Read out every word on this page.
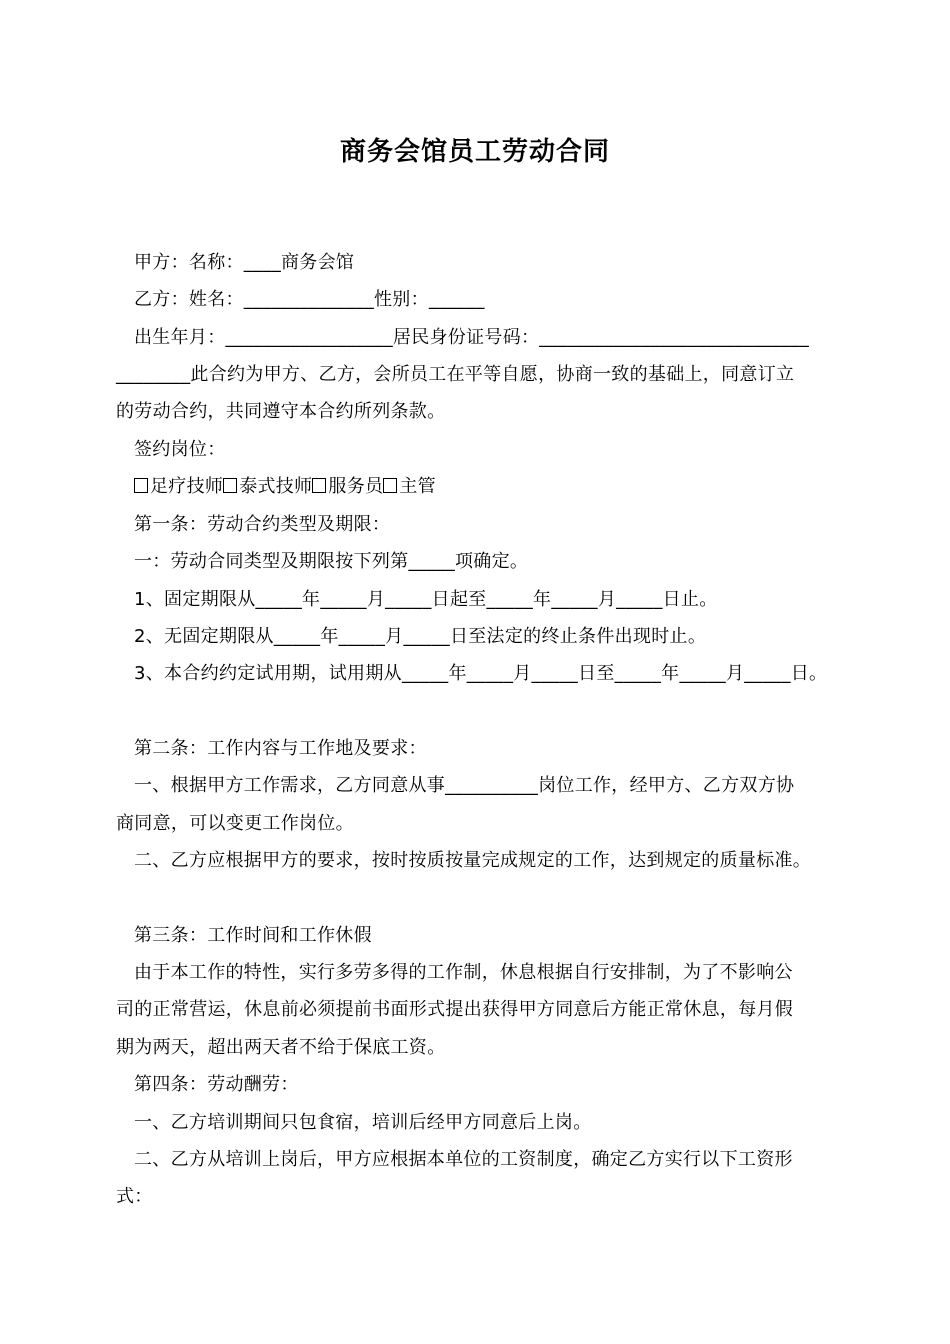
商务会馆员工劳动合同
甲方：名称：____商务会馆
乙方：姓名：______________性别：______
出生年月：__________________居民身份证号码：_____________________________
________此合约为甲方、乙方，会所员工在平等自愿，协商一致的基础上，同意订立
的劳动合约，共同遵守本合约所列条款。
签约岗位：
足疗技师 泰式技师 服务员 主管
第一条：劳动合约类型及期限：
一：劳动合同类型及期限按下列第_____项确定。
1、固定期限从_____年_____月_____日起至_____年_____月_____日止。
2、无固定期限从_____年_____月_____日至法定的终止条件出现时止。
3、本合约约定试用期，试用期从_____年_____月_____日至_____年_____月_____日。
第二条：工作内容与工作地及要求：
一、根据甲方工作需求，乙方同意从事__________岗位工作，经甲方、乙方双方协
商同意，可以变更工作岗位。
二、乙方应根据甲方的要求，按时按质按量完成规定的工作，达到规定的质量标准。
第三条：工作时间和工作休假
由于本工作的特性，实行多劳多得的工作制，休息根据自行安排制，为了不影响公
司的正常营运，休息前必须提前书面形式提出获得甲方同意后方能正常休息，每月假
期为两天，超出两天者不给于保底工资。
第四条：劳动酬劳：
一、乙方培训期间只包食宿，培训后经甲方同意后上岗。
二、乙方从培训上岗后，甲方应根据本单位的工资制度，确定乙方实行以下工资形
式：
